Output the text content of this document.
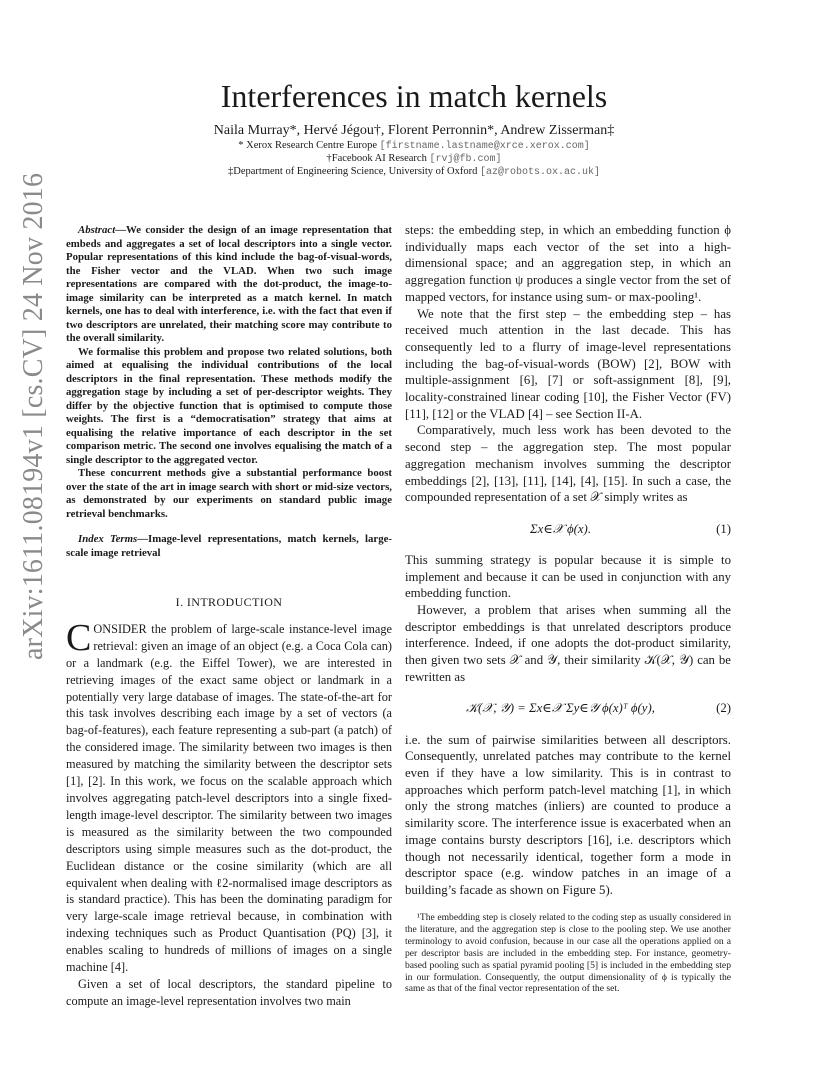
arXiv:1611.08194v1 [cs.CV] 24 Nov 2016
Interferences in match kernels
Naila Murray*, Hervé Jégou†, Florent Perronnin*, Andrew Zisserman‡
* Xerox Research Centre Europe [firstname.lastname@xrce.xerox.com]
†Facebook AI Research [rvj@fb.com]
‡Department of Engineering Science, University of Oxford [az@robots.ox.ac.uk]

Abstract—We consider the design of an image representation that embeds and aggregates a set of local descriptors into a single vector. Popular representations of this kind include the bag-of-visual-words, the Fisher vector and the VLAD. When two such image representations are compared with the dot-product, the image-to-image similarity can be interpreted as a match kernel. In match kernels, one has to deal with interference, i.e. with the fact that even if two descriptors are unrelated, their matching score may contribute to the overall similarity.

We formalise this problem and propose two related solutions, both aimed at equalising the individual contributions of the local descriptors in the final representation. These methods modify the aggregation stage by including a set of per-descriptor weights. They differ by the objective function that is optimised to compute those weights. The first is a “democratisation” strategy that aims at equalising the relative importance of each descriptor in the set comparison metric. The second one involves equalising the match of a single descriptor to the aggregated vector.

These concurrent methods give a substantial performance boost over the state of the art in image search with short or mid-size vectors, as demonstrated by our experiments on standard public image retrieval benchmarks.

Index Terms—Image-level representations, match kernels, large-scale image retrieval

I. INTRODUCTION

CONSIDER the problem of large-scale instance-level image retrieval: given an image of an object (e.g. a Coca Cola can) or a landmark (e.g. the Eiffel Tower), we are interested in retrieving images of the exact same object or landmark in a potentially very large database of images. The state-of-the-art for this task involves describing each image by a set of vectors (a bag-of-features), each feature representing a sub-part (a patch) of the considered image. The similarity between two images is then measured by matching the similarity between the descriptor sets [1], [2]. In this work, we focus on the scalable approach which involves aggregating patch-level descriptors into a single fixed-length image-level descriptor. The similarity between two images is measured as the similarity between the two compounded descriptors using simple measures such as the dot-product, the Euclidean distance or the cosine similarity (which are all equivalent when dealing with ℓ2-normalised image descriptors as is standard practice). This has been the dominating paradigm for very large-scale image retrieval because, in combination with indexing techniques such as Product Quantisation (PQ) [3], it enables scaling to hundreds of millions of images on a single machine [4].

Given a set of local descriptors, the standard pipeline to compute an image-level representation involves two main

steps: the embedding step, in which an embedding function ϕ individually maps each vector of the set into a high-dimensional space; and an aggregation step, in which an aggregation function ψ produces a single vector from the set of mapped vectors, for instance using sum- or max-pooling¹.

We note that the first step – the embedding step – has received much attention in the last decade. This has consequently led to a flurry of image-level representations including the bag-of-visual-words (BOW) [2], BOW with multiple-assignment [6], [7] or soft-assignment [8], [9], locality-constrained linear coding [10], the Fisher Vector (FV) [11], [12] or the VLAD [4] – see Section II-A.

Comparatively, much less work has been devoted to the second step – the aggregation step. The most popular aggregation mechanism involves summing the descriptor embeddings [2], [13], [11], [14], [4], [15]. In such a case, the compounded representation of a set 𝒳 simply writes as

Σx∈𝒳 ϕ(x).	(1)

This summing strategy is popular because it is simple to implement and because it can be used in conjunction with any embedding function.

However, a problem that arises when summing all the descriptor embeddings is that unrelated descriptors produce interference. Indeed, if one adopts the dot-product similarity, then given two sets 𝒳 and 𝒴, their similarity 𝒦(𝒳, 𝒴) can be rewritten as

𝒦(𝒳, 𝒴) = Σx∈𝒳 Σy∈𝒴 ϕ(x)ᵀ ϕ(y),	(2)

i.e. the sum of pairwise similarities between all descriptors. Consequently, unrelated patches may contribute to the kernel even if they have a low similarity. This is in contrast to approaches which perform patch-level matching [1], in which only the strong matches (inliers) are counted to produce a similarity score. The interference issue is exacerbated when an image contains bursty descriptors [16], i.e. descriptors which though not necessarily identical, together form a mode in descriptor space (e.g. window patches in an image of a building’s facade as shown on Figure 5).

¹The embedding step is closely related to the coding step as usually considered in the literature, and the aggregation step is close to the pooling step. We use another terminology to avoid confusion, because in our case all the operations applied on a per descriptor basis are included in the embedding step. For instance, geometry-based pooling such as spatial pyramid pooling [5] is included in the embedding step in our formulation. Consequently, the output dimensionality of ϕ is typically the same as that of the final vector representation of the set.
